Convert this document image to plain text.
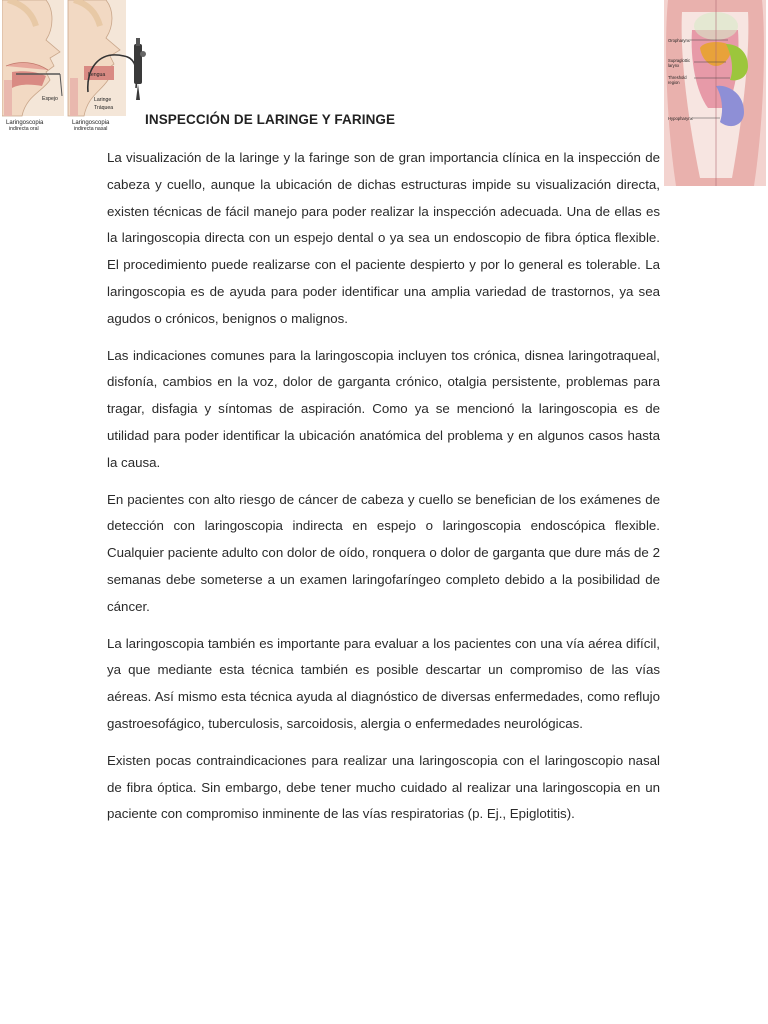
Espejo
Lengua
Laringe
Tráquea
Laringoscopia
indirecta oral
Laringoscopia
indirecta nasal
Oropharynx
Supraglottic
larynx
Threshold
region
Hypopharynx
INSPECCIÓN DE LARINGE Y FARINGE

La visualización de la laringe y la faringe son de gran importancia clínica en la inspección de cabeza y cuello, aunque la ubicación de dichas estructuras impide su visualización directa, existen técnicas de fácil manejo para poder realizar la inspección adecuada. Una de ellas es la laringoscopia directa con un espejo dental o ya sea un endoscopio de fibra óptica flexible. El procedimiento puede realizarse con el paciente despierto y por lo general es tolerable. La laringoscopia es de ayuda para poder identificar una amplia variedad de trastornos, ya sea agudos o crónicos, benignos o malignos.

Las indicaciones comunes para la laringoscopia incluyen tos crónica, disnea laringotraqueal, disfonía, cambios en la voz, dolor de garganta crónico, otalgia persistente, problemas para tragar, disfagia y síntomas de aspiración. Como ya se mencionó la laringoscopia es de utilidad para poder identificar la ubicación anatómica del problema y en algunos casos hasta la causa.

En pacientes con alto riesgo de cáncer de cabeza y cuello se benefician de los exámenes de detección con laringoscopia indirecta en espejo o laringoscopia endoscópica flexible. Cualquier paciente adulto con dolor de oído, ronquera o dolor de garganta que dure más de 2 semanas debe someterse a un examen laringofaríngeo completo debido a la posibilidad de cáncer.

La laringoscopia también es importante para evaluar a los pacientes con una vía aérea difícil, ya que mediante esta técnica también es posible descartar un compromiso de las vías aéreas. Así mismo esta técnica ayuda al diagnóstico de diversas enfermedades, como reflujo gastroesofágico, tuberculosis, sarcoidosis, alergia o enfermedades neurológicas.

Existen pocas contraindicaciones para realizar una laringoscopia con el laringoscopio nasal de fibra óptica. Sin embargo, debe tener mucho cuidado al realizar una laringoscopia en un paciente con compromiso inminente de las vías respiratorias (p. Ej., Epiglotitis).
